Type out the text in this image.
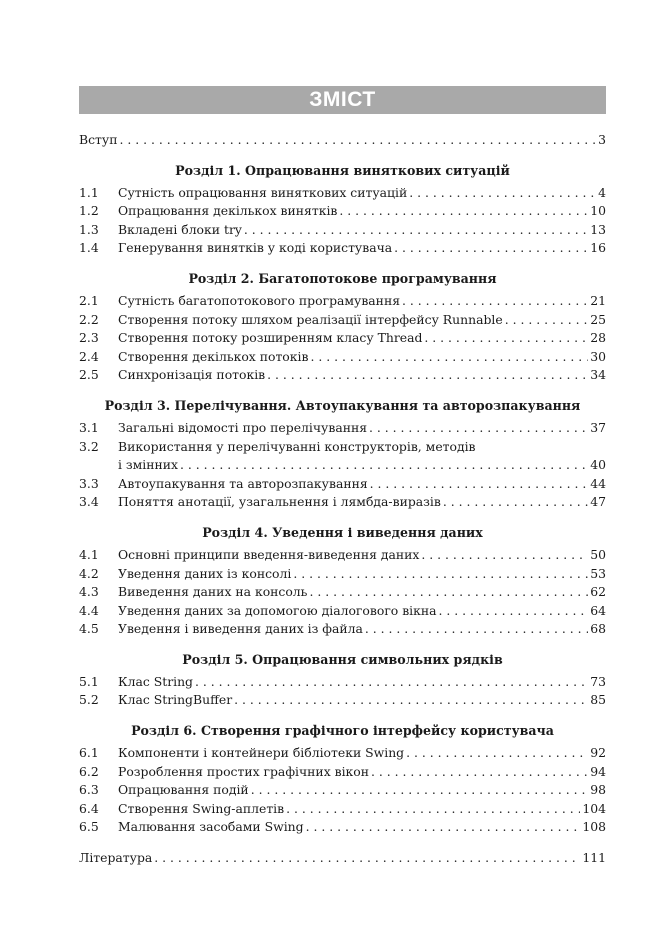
ЗМІСТ
Вступ . . .	3
Розділ 1. Опрацювання винятковиx ситуацій
1.1	Сутність опрацювання виняткових ситуацій . . .	4
1.2	Опрацювання декількох винятків . . .	10
1.3	Вкладені блоки try . . .	13
1.4	Генерування винятків у коді користувача . . .	16
Розділ 2. Багатопотокове програмування
2.1	Сутність багатопотокового програмування . . .	21
2.2	Створення потоку шляхом реалізації інтерфейсу Runnable . . .	25
2.3	Створення потоку розширенням класу Thread . . .	28
2.4	Створення декількох потоків . . .	30
2.5	Синхронізація потоків . . .	34
Розділ 3. Перелічування. Автоупакування та авторозпакування
3.1	Загальні відомості про перелічування . . .	37
3.2	Використання у перелічуванні конструкторів, методів
і змінних . . .	40
3.3	Автоупакування та авторозпакування . . .	44
3.4	Поняття анотації, узагальнення і лямбда-виразів . . .	47
Розділ 4. Уведення і виведення даних
4.1	Основні принципи введення-виведення даних . . .	50
4.2	Уведення даних із консолі . . .	53
4.3	Виведення даних на консоль . . .	62
4.4	Уведення даних за допомогою діалогового вікна . . .	64
4.5	Уведення і виведення даних із файла . . .	68
Розділ 5. Опрацювання символьних рядків
5.1	Клас String . . .	73
5.2	Клас StringBuffer . . .	85
Розділ 6. Створення графічного інтерфейсу користувача
6.1	Компоненти і контейнери бібліотеки Swing . . .	92
6.2	Розроблення простих графічних вікон . . .	94
6.3	Опрацювання подій . . .	98
6.4	Створення Swing-аплетів . . .	104
6.5	Малювання засобами Swing . . .	108
Література . . .	111
